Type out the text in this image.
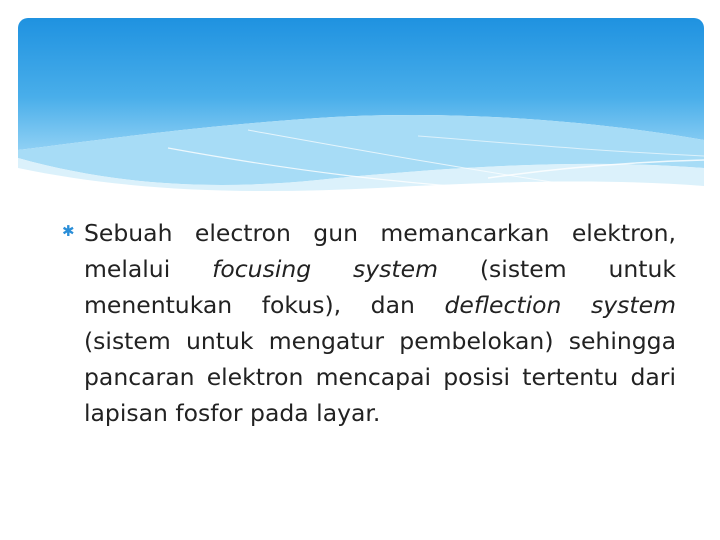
✱ Sebuah electron gun memancarkan elektron, melalui focusing system (sistem untuk menentukan fokus), dan deflection system (sistem untuk mengatur pembelokan) sehingga pancaran elektron mencapai posisi tertentu dari lapisan fosfor pada layar.
